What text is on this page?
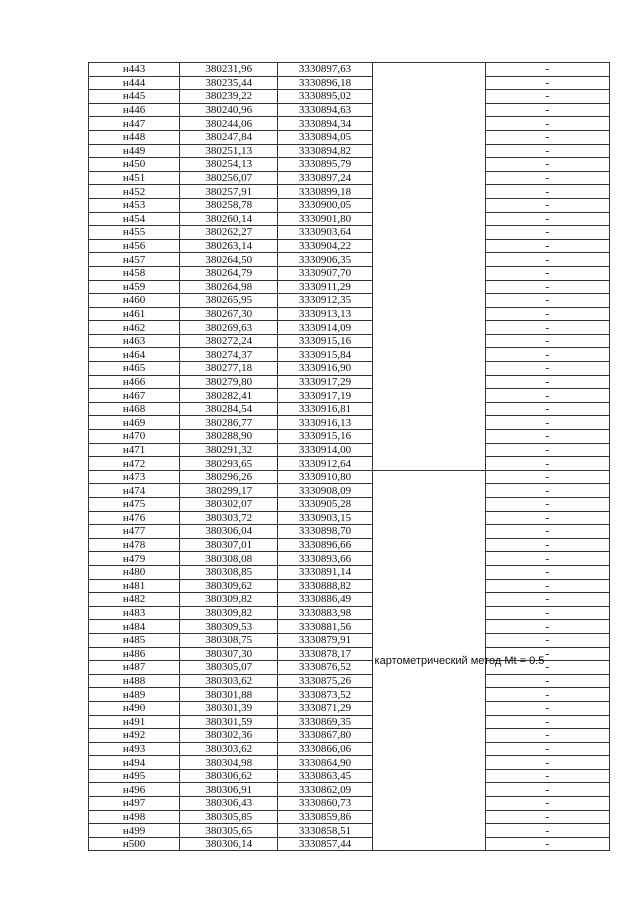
н443	380231,96	3330897,63		-
н444	380235,44	3330896,18		-
н445	380239,22	3330895,02		-
н446	380240,96	3330894,63		-
н447	380244,06	3330894,34		-
н448	380247,84	3330894,05		-
н449	380251,13	3330894,82		-
н450	380254,13	3330895,79		-
н451	380256,07	3330897,24		-
н452	380257,91	3330899,18		-
н453	380258,78	3330900,05		-
н454	380260,14	3330901,80		-
н455	380262,27	3330903,64		-
н456	380263,14	3330904,22		-
н457	380264,50	3330906,35		-
н458	380264,79	3330907,70		-
н459	380264,98	3330911,29		-
н460	380265,95	3330912,35		-
н461	380267,30	3330913,13		-
н462	380269,63	3330914,09		-
н463	380272,24	3330915,16		-
н464	380274,37	3330915,84		-
н465	380277,18	3330916,90		-
н466	380279,80	3330917,29		-
н467	380282,41	3330917,19		-
н468	380284,54	3330916,81		-
н469	380286,77	3330916,13		-
н470	380288,90	3330915,16		-
н471	380291,32	3330914,00		-
н472	380293,65	3330912,64		-
н473	380296,26	3330910,80	картометрический метод Mt = 0.5	-
н474	380299,17	3330908,09		-
н475	380302,07	3330905,28		-
н476	380303,72	3330903,15		-
н477	380306,04	3330898,70		-
н478	380307,01	3330896,66		-
н479	380308,08	3330893,66		-
н480	380308,85	3330891,14		-
н481	380309,62	3330888,82		-
н482	380309,82	3330886,49		-
н483	380309,82	3330883,98		-
н484	380309,53	3330881,56		-
н485	380308,75	3330879,91		-
н486	380307,30	3330878,17		-
н487	380305,07	3330876,52		-
н488	380303,62	3330875,26		-
н489	380301,88	3330873,52		-
н490	380301,39	3330871,29		-
н491	380301,59	3330869,35		-
н492	380302,36	3330867,80		-
н493	380303,62	3330866,06		-
н494	380304,98	3330864,90		-
н495	380306,62	3330863,45		-
н496	380306,91	3330862,09		-
н497	380306,43	3330860,73		-
н498	380305,85	3330859,86		-
н499	380305,65	3330858,51		-
н500	380306,14	3330857,44		-
